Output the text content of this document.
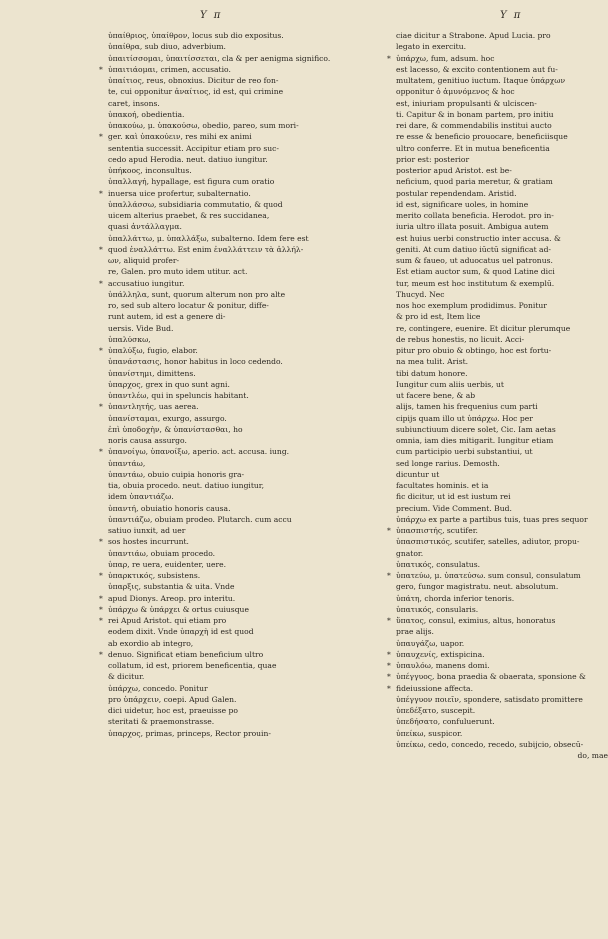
Y π	Y π
ὑπαίθριος, ὑπαίθρον, locus sub dio expositus.
ὑπαίθρα, sub diuo, adverbium.
ὑπαιτίσσομαι, ὑπαιτίσσεται, cla & per aenigma significo.
* ὑπαιτιάομαι, crimen, accusatio.
ὑπαίτιος, reus, obnoxius. Dicitur de reo fon-
te, cui opponitur ἀναίτιος, id est, qui crimine
caret, insons.
ὑπακοή, obedientia.
ὑπακούω, μ. ὑπακούσω, obedio, pareo, sum mori-
* ger. καὶ ὑπακούειν, res mihi ex animi
sententia successit. Accipitur etiam pro suc-
cedo apud Herodia. neut. datiuo iungitur.
ὑπήκοος, inconsultus.
ὑπαλλαγή, hypallage, est figura cum oratio
* inuersa uice profertur, subalternatio.
ὑπαλλάσσω, subsidiaria commutatio, & quod
uicem alterius praebet, & res succidanea,
quasi ἀντάλλαγμα.
ὑπαλλάττω, μ. ὑπαλλάξω, subalterno. Idem fere est
* quod ἐναλλάττω. Est enim ἐναλλάττειν τὰ ἀλλήλ-
ων, aliquid profer-
re, Galen. pro muto idem utitur. act.
* accusatiuo iungitur.
ὑπάλληλα, sunt, quorum alterum non pro alte
ro, sed sub altero locatur & ponitur, diffe-
runt autem, id est a genere di-
uersis. Vide Bud.
ὑπαλύσκω,
* ὑπαλύξω, fugio, elabor.
ὑπανάστασις, honor habitus in loco cedendo.
ὑπανίστημι, dimittens.
ὑπαρχος, grex in quo sunt agni.
ὑπαντλέω, qui in speluncis habitant.
* ὑπαντλητής, uas aerea.
ὑπανίσταμαι, exurgo, assurgo.
ἐπὶ ὑποδοχὴν, & ὑπανίστασθαι, ho
noris causa assurgo.
* ὑπανοίγω, ὑπανοίξω, aperio. act. accusa. iung.
ὑπαντάω,
ὑπαντάω, obuio cuipia honoris gra-
tia, obuia procedo. neut. datiuo iungitur,
idem ὑπαντιάζω.
ὑπαντή, obuiatio honoris causa.
ὑπαντιάζω, obuiam prodeo. Plutarch. cum accu
satiuo iunxit, ad uer
* sos hostes incurrunt.
ὑπαντιάω, obuiam procedo.
ὑπαρ, re uera, euidenter, uere.
* ὑπαρκτικός, subsistens.
ὑπαρξις, substantia & uita. Vnde
* apud Dionys. Areop. pro interitu.
* ὑπάρχω & ὑπάρχει & ortus cuiusque
* rei Apud Aristot. qui etiam pro
eodem dixit. Vnde ὑπαρχὴ id est quod
ab exordio ab integro,
* denuo. Significat etiam beneficium ultro
collatum, id est, priorem beneficentia, quae
& dicitur.
ὑπάρχω, concedo. Ponitur
pro ὑπάρχειν, coepi. Apud Galen.
dici uidetur, hoc est, praeuisse po
steritati & praemonstrasse.
ὑπαρχος, primas, princeps, Rector prouin-
ciae dicitur a Strabone. Apud Lucia. pro
legato in exercitu.
* ὑπάρχω, fum, adsum. hoc
est lacesso, & excito contentionem aut fu-
multatem, genitiuo iuctum. Itaque ὑπάρχων
opponitur ὁ ἀμυνόμενος & hoc
est, iniuriam propulsanti & ulciscen-
ti. Capitur & in bonam partem, pro initiu
rei dare, & commendabilis institui aucto
re esse & beneficio prouocare, beneficiisque
ultro conferre. Et in mutua beneficentia
prior est: posterior
posterior apud Aristot. est be-
neficium, quod paria meretur, & gratiam
postular rependendam. Aristid.
id est, significare uoles, in homine
merito collata beneficia. Herodot. pro in-
iuria ultro illata posuit. Ambigua autem
est huius uerbi constructio inter accusa. &
geniti. At cum datiuo iūctū significat ad-
sum & faueo, ut aduocatus uel patronus.
Est etiam auctor sum, & quod Latine dici
tur, meum est hoc institutum & exemplū.
Thucyd. Nec
nos hoc exemplum prodidimus. Ponitur
& pro id est, Item lice
re, contingere, euenire. Et dicitur plerumque
de rebus honestis, no licuit. Acci-
pitur pro obuio & obtingo, hoc est fortu-
na mea tulit. Arist.
tibi datum honore.
Iungitur cum aliis uerbis, ut
ut facere bene, & ab
alijs, tamen his frequenius cum parti
cipijs quam illo ut ὑπάρχω. Hoc per
subiunctiuum dicere solet, Cic. Iam aetas
omnia, iam dies mitigarit. Iungitur etiam
cum participio uerbi substantiui, ut
sed longe rarius. Demosth.
dicuntur ut
facultates hominis. et ia
fic dicitur, ut id est iustum rei
precium. Vide Comment. Bud.
ὑπάρχω ex parte a partibus tuis, tuas pres sequor
* ὑπασπιστής, scutifer.
ὑπασπιστικός, scutifer, satelles, adiutor, propu-
gnator.
ὑπατικός, consulatus.
* ὑπατεύω, μ. ὑπατεύσω. sum consul, consulatum
gero, fungor magistratu. neut. absolutum.
ὑπάτη, chorda inferior tenoris.
ὑπατικός, consularis.
* ὕπατος, consul, eximius, altus, honoratus
prae alijs.
ὑπαυγάζω, uapor.
* ὑπαυχενίς, extispicina.
* ὑπαυλόω, manens domi.
* ὑπέγγυος, bona praedia & obaerata, sponsione &
* fideiussione affecta.
ὑπέγγυον ποιεῖν, spondere, satisdato promittere
ὑπεδέξατο, suscepit.
ὑπεδήσατο, confuluerunt.
ὑπείκω, suspicor.
ὑπείκω, cedo, concedo, recedo, subijcio, obsecū-
do, mae
